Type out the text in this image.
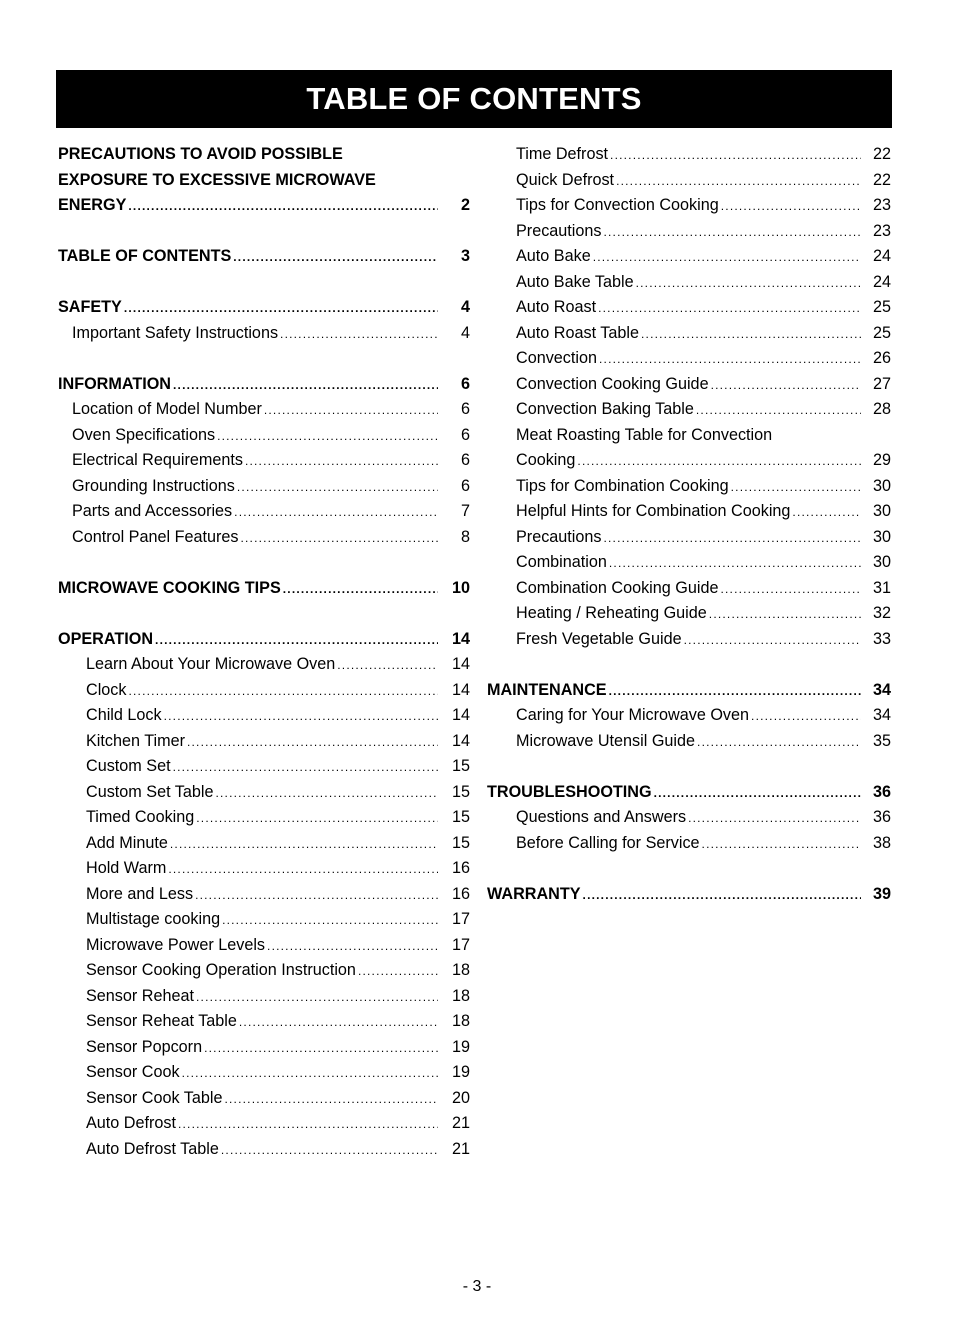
TABLE OF CONTENTS
PRECAUTIONS TO AVOID POSSIBLE
EXPOSURE TO EXCESSIVE MICROWAVE
ENERGY .....	2
TABLE OF CONTENTS .....	3
SAFETY .....	4
Important Safety Instructions .....	4
INFORMATION .....	6
Location of Model Number .....	6
Oven Specifications .....	6
Electrical Requirements .....	6
Grounding Instructions .....	6
Parts and Accessories .....	7
Control Panel Features .....	8
MICROWAVE COOKING TIPS .....	10
OPERATION .....	14
Learn About Your Microwave Oven .....	14
Clock .....	14
Child Lock .....	14
Kitchen Timer .....	14
Custom Set .....	15
Custom Set Table .....	15
Timed Cooking .....	15
Add Minute .....	15
Hold Warm .....	16
More and Less .....	16
Multistage cooking .....	17
Microwave Power Levels .....	17
Sensor Cooking Operation Instruction .....	18
Sensor Reheat .....	18
Sensor Reheat Table .....	18
Sensor Popcorn .....	19
Sensor Cook .....	19
Sensor Cook Table .....	20
Auto Defrost .....	21
Auto Defrost Table .....	21
Time Defrost .....	22
Quick Defrost .....	22
Tips for Convection Cooking .....	23
Precautions .....	23
Auto Bake .....	24
Auto Bake Table .....	24
Auto Roast .....	25
Auto Roast Table .....	25
Convection .....	26
Convection Cooking Guide .....	27
Convection Baking Table .....	28
Meat Roasting Table for Convection
Cooking .....	29
Tips for Combination Cooking .....	30
Helpful Hints for Combination Cooking .....	30
Precautions .....	30
Combination .....	30
Combination Cooking Guide .....	31
Heating / Reheating Guide .....	32
Fresh Vegetable Guide .....	33
MAINTENANCE .....	34
Caring for Your Microwave Oven .....	34
Microwave Utensil Guide .....	35
TROUBLESHOOTING .....	36
Questions and Answers .....	36
Before Calling for Service .....	38
WARRANTY .....	39
- 3 -
